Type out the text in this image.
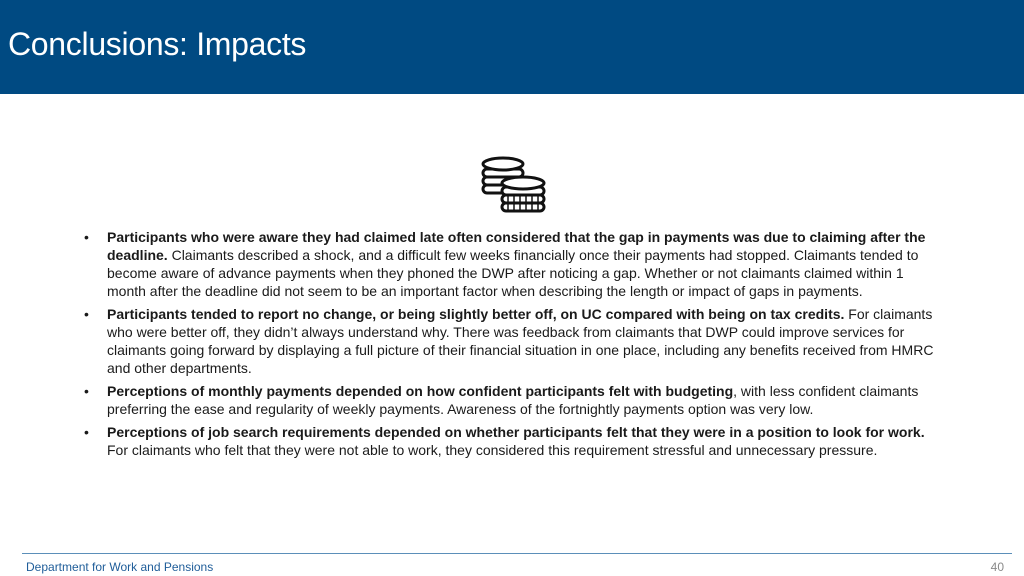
Conclusions: Impacts
• Participants who were aware they had claimed late often considered that the gap in payments was due to claiming after the deadline. Claimants described a shock, and a difficult few weeks financially once their payments had stopped. Claimants tended to become aware of advance payments when they phoned the DWP after noticing a gap. Whether or not claimants claimed within 1 month after the deadline did not seem to be an important factor when describing the length or impact of gaps in payments.
• Participants tended to report no change, or being slightly better off, on UC compared with being on tax credits. For claimants who were better off, they didn’t always understand why. There was feedback from claimants that DWP could improve services for claimants going forward by displaying a full picture of their financial situation in one place, including any benefits received from HMRC and other departments.
• Perceptions of monthly payments depended on how confident participants felt with budgeting, with less confident claimants preferring the ease and regularity of weekly payments. Awareness of the fortnightly payments option was very low.
• Perceptions of job search requirements depended on whether participants felt that they were in a position to look for work. For claimants who felt that they were not able to work, they considered this requirement stressful and unnecessary pressure.
Department for Work and Pensions	40
